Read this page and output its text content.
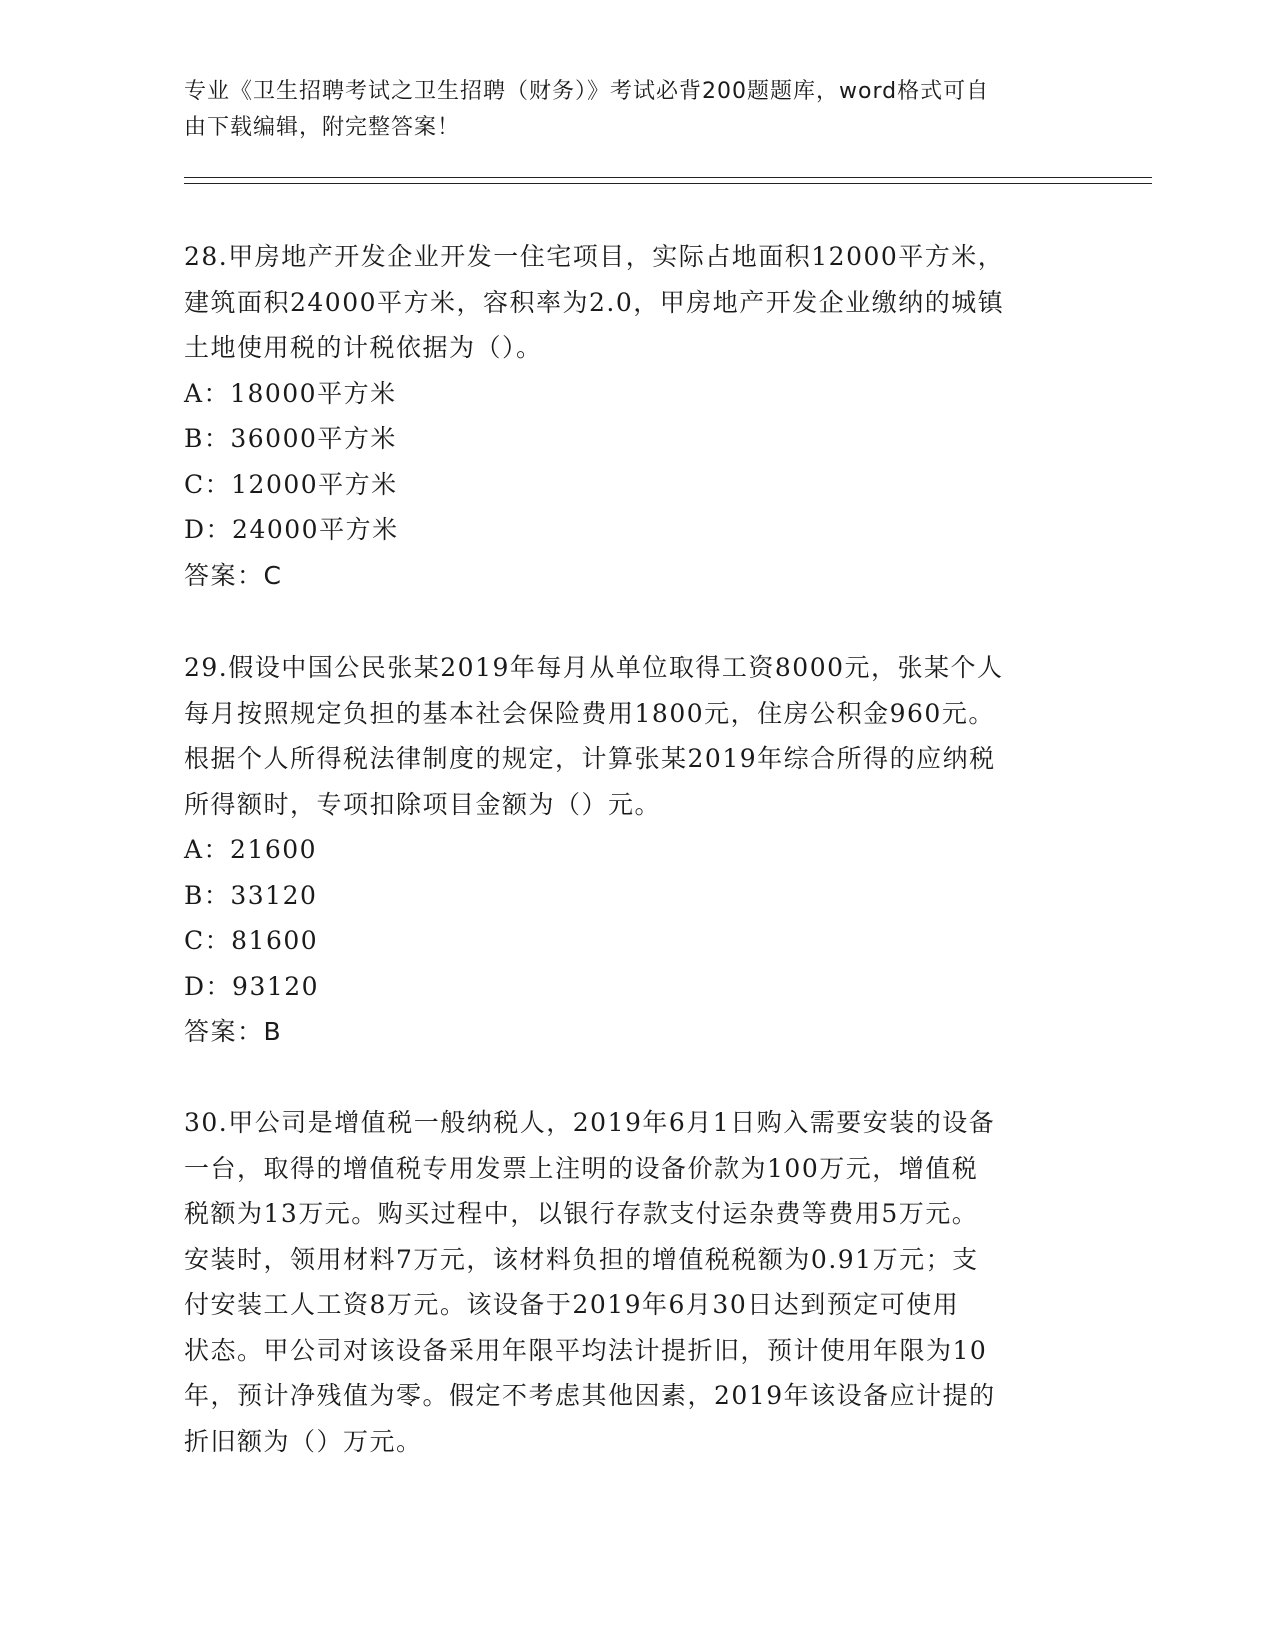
专业《卫生招聘考试之卫生招聘（财务）》考试必背200题题库，word格式可自
由下载编辑，附完整答案！
28.甲房地产开发企业开发一住宅项目，实际占地面积12000平方米，
建筑面积24000平方米，容积率为2.0，甲房地产开发企业缴纳的城镇
土地使用税的计税依据为（）。
A：18000平方米
B：36000平方米
C：12000平方米
D：24000平方米
答案：C
29.假设中国公民张某2019年每月从单位取得工资8000元，张某个人
每月按照规定负担的基本社会保险费用1800元，住房公积金960元。
根据个人所得税法律制度的规定，计算张某2019年综合所得的应纳税
所得额时，专项扣除项目金额为（）元。
A：21600
B：33120
C：81600
D：93120
答案：B
30.甲公司是增值税一般纳税人，2019年6月1日购入需要安装的设备
一台，取得的增值税专用发票上注明的设备价款为100万元，增值税
税额为13万元。购买过程中，以银行存款支付运杂费等费用5万元。
安装时，领用材料7万元，该材料负担的增值税税额为0.91万元；支
付安装工人工资8万元。该设备于2019年6月30日达到预定可使用
状态。甲公司对该设备采用年限平均法计提折旧，预计使用年限为10
年，预计净残值为零。假定不考虑其他因素，2019年该设备应计提的
折旧额为（）万元。
